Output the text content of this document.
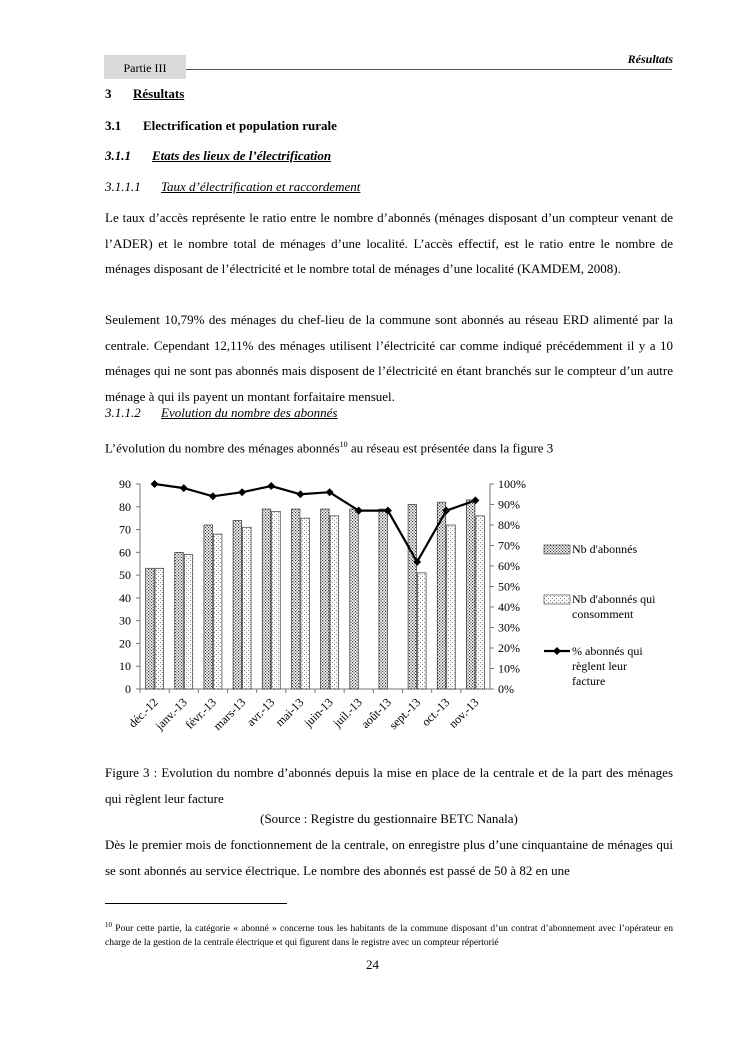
Partie III
Résultats
3 Résultats
3.1 Electrification et population rurale
3.1.1 Etats des lieux de l’électrification
3.1.1.1 Taux d’électrification et raccordement

Le taux d’accès représente le ratio entre le nombre d’abonnés (ménages disposant d’un compteur venant de l’ADER) et le nombre total de ménages d’une localité. L’accès effectif, est le ratio entre le nombre de ménages disposant de l’électricité et le nombre total de ménages d’une localité (KAMDEM, 2008).

Seulement 10,79% des ménages du chef-lieu de la commune sont abonnés au réseau ERD alimenté par la centrale. Cependant 12,11% des ménages utilisent l’électricité car comme indiqué précédemment il y a 10 ménages qui ne sont pas abonnés mais disposent de l’électricité en étant branchés sur le compteur d’un autre ménage à qui ils payent un montant forfaitaire mensuel.

3.1.1.2 Evolution du nombre des abonnés

L’évolution du nombre des ménages abonnés$^{10}$ au réseau est présentée dans la figure 3

0
10
20
30
40
50
60
70
80
90
0%
10%
20%
30%
40%
50%
60%
70%
80%
90%
100%
déc.-12
janv.-13
févr.-13
mars-13
avr.-13
mai-13
juin-13
juil.-13
août-13
sept.-13
oct.-13
nov.-13
Nb d'abonnés
Nb d'abonnés qui
consomment
% abonnés qui
règlent leur
facture

Figure 3 : Evolution du nombre d’abonnés depuis la mise en place de la centrale et de la part des ménages qui règlent leur facture

(Source : Registre du gestionnaire BETC Nanala)

Dès le premier mois de fonctionnement de la centrale, on enregistre plus d’une cinquantaine de ménages qui se sont abonnés au service électrique. Le nombre des abonnés est passé de 50 à 82 en une

$^{10}$ Pour cette partie, la catégorie « abonné » concerne tous les habitants de la commune disposant d’un contrat d’abonnement avec l’opérateur en charge de la gestion de la centrale électrique et qui figurent dans le registre avec un compteur répertorié
24
